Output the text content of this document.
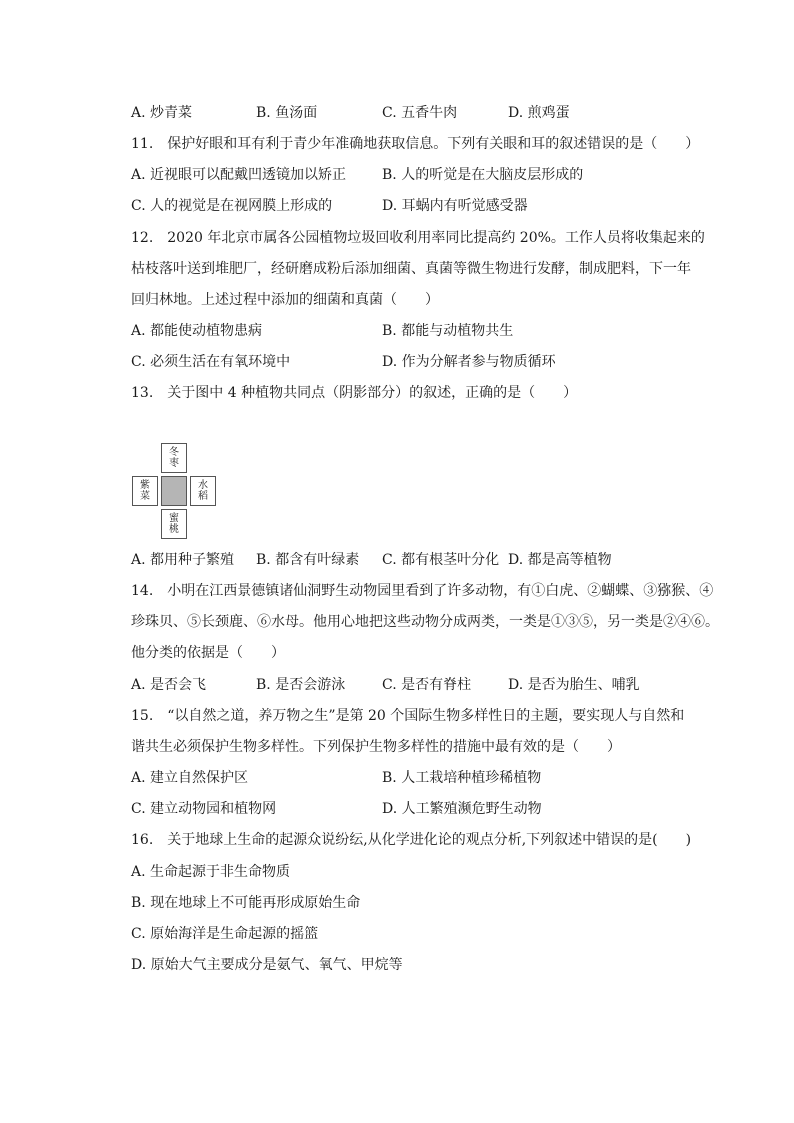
A. 炒青菜	B. 鱼汤面	C. 五香牛肉	D. 煎鸡蛋
11.　保护好眼和耳有利于青少年准确地获取信息。下列有关眼和耳的叙述错误的是（　　）
A. 近视眼可以配戴凹透镜加以矫正	B. 人的听觉是在大脑皮层形成的
C. 人的视觉是在视网膜上形成的	D. 耳蜗内有听觉感受器
12.　2020 年北京市属各公园植物垃圾回收利用率同比提高约 20%。工作人员将收集起来的
枯枝落叶送到堆肥厂，经研磨成粉后添加细菌、真菌等微生物进行发酵，制成肥料，下一年
回归林地。上述过程中添加的细菌和真菌（　　）
A. 都能使动植物患病	B. 都能与动植物共生
C. 必须生活在有氧环境中	D. 作为分解者参与物质循环
13.　关于图中 4 种植物共同点（阴影部分）的叙述，正确的是（　　）
冬枣
紫菜
水稻
蜜桃
A. 都用种子繁殖 B. 都含有叶绿素 C. 都有根茎叶分化 D. 都是高等植物
14.　小明在江西景德镇诸仙洞野生动物园里看到了许多动物，有①白虎、②蝴蝶、③猕猴、④
珍珠贝、⑤长颈鹿、⑥水母。他用心地把这些动物分成两类，一类是①③⑤，另一类是②④⑥。
他分类的依据是（　　）
A. 是否会飞	B. 是否会游泳	C. 是否有脊柱	D. 是否为胎生、哺乳
15.　“以自然之道，养万物之生”是第 20 个国际生物多样性日的主题，要实现人与自然和
谐共生必须保护生物多样性。下列保护生物多样性的措施中最有效的是（　　）
A. 建立自然保护区	B. 人工栽培种植珍稀植物
C. 建立动物园和植物网	D. 人工繁殖濒危野生动物
16.　关于地球上生命的起源众说纷纭,从化学进化论的观点分析,下列叙述中错误的是(　　)
A. 生命起源于非生命物质
B. 现在地球上不可能再形成原始生命
C. 原始海洋是生命起源的摇篮
D. 原始大气主要成分是氨气、氧气、甲烷等
